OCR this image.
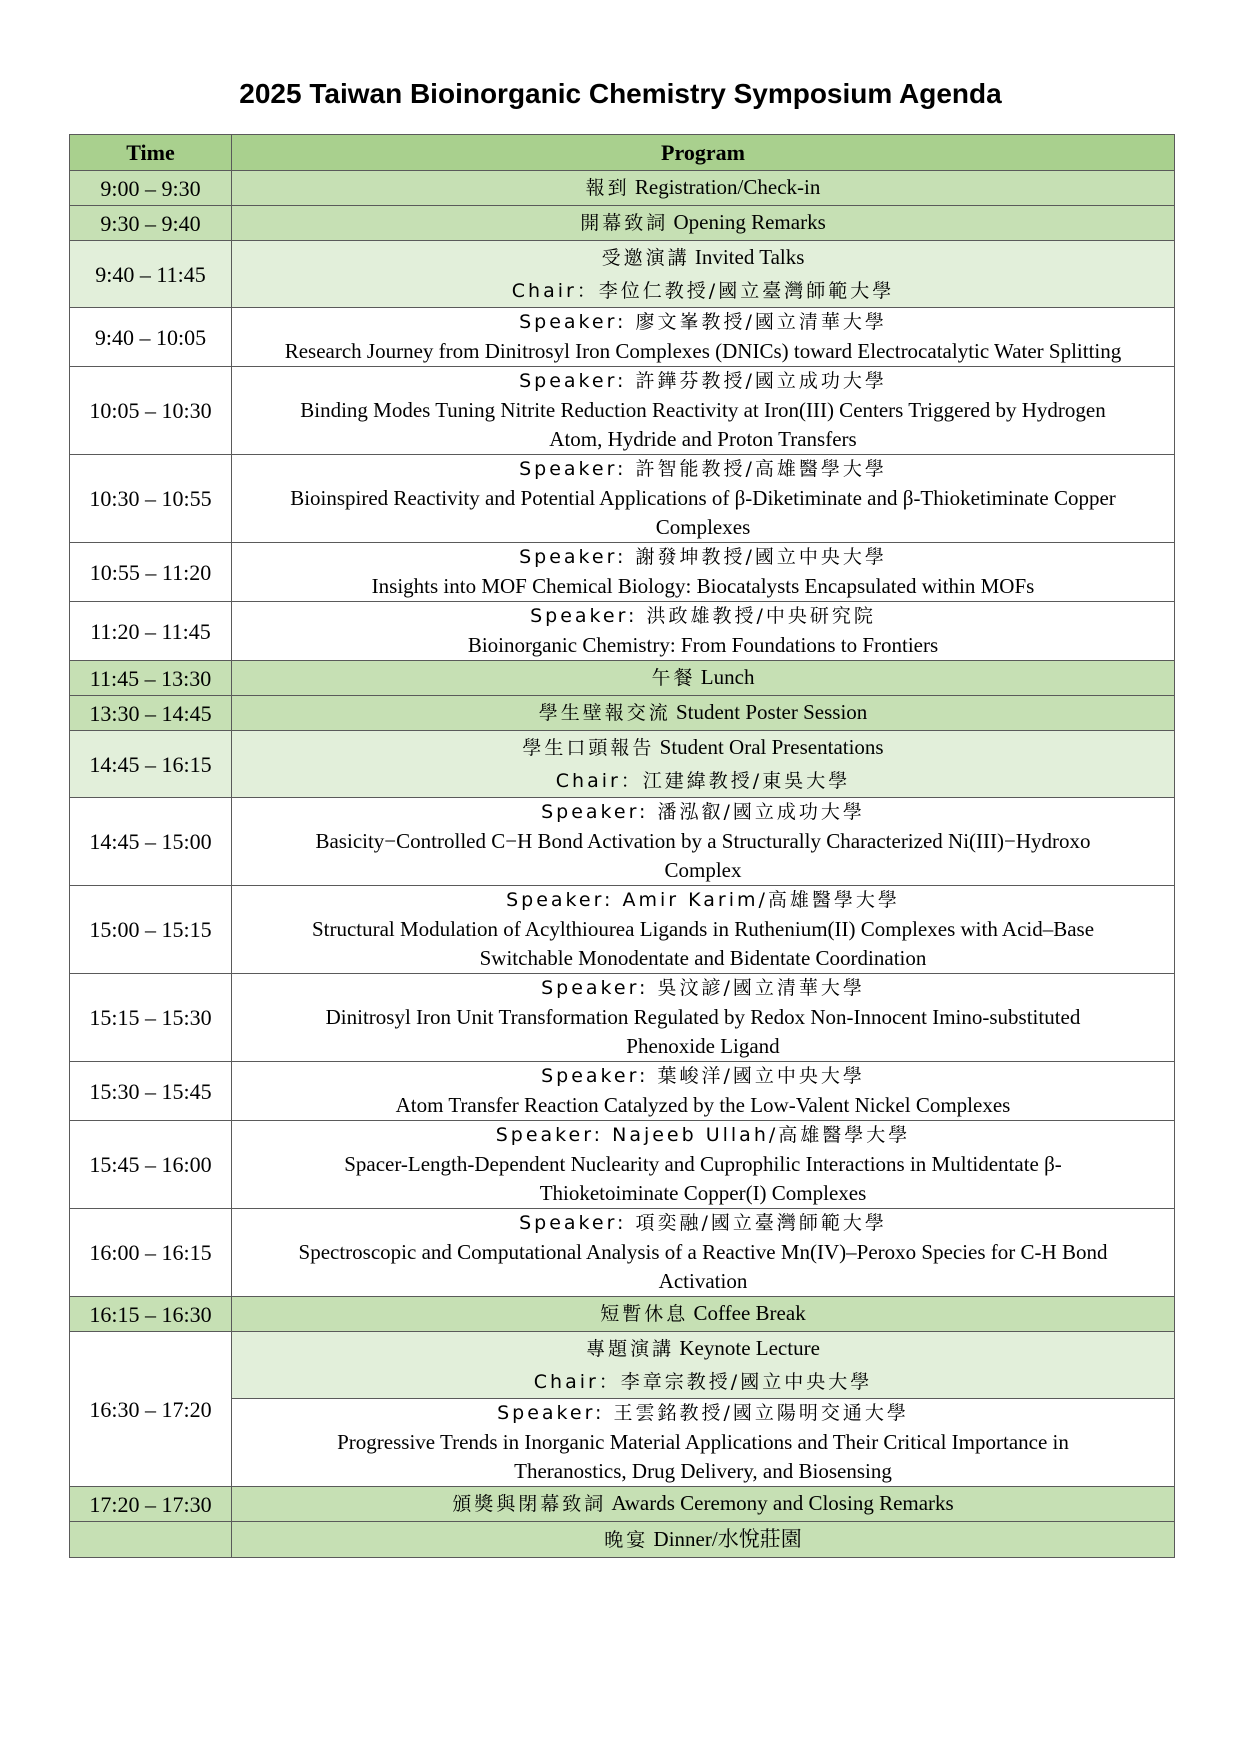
2025 Taiwan Bioinorganic Chemistry Symposium Agenda
Time	Program
9:00 – 9:30	報到 Registration/Check-in
9:30 – 9:40	開幕致詞 Opening Remarks
9:40 – 11:45	受邀演講 Invited Talks
Chair：李位仁教授/國立臺灣師範大學

9:40 – 10:05	Speaker: 廖文峯教授/國立清華大學
Research Journey from Dinitrosyl Iron Complexes (DNICs) toward Electrocatalytic Water Splitting

10:05 – 10:30	Speaker: 許鏵芬教授/國立成功大學
Binding Modes Tuning Nitrite Reduction Reactivity at Iron(III) Centers Triggered by Hydrogen
Atom, Hydride and Proton Transfers

10:30 – 10:55	Speaker: 許智能教授/高雄醫學大學
Bioinspired Reactivity and Potential Applications of β-Diketiminate and β-Thioketiminate Copper
Complexes

10:55 – 11:20	Speaker: 謝發坤教授/國立中央大學
Insights into MOF Chemical Biology: Biocatalysts Encapsulated within MOFs

11:20 – 11:45	Speaker: 洪政雄教授/中央研究院
Bioinorganic Chemistry: From Foundations to Frontiers

11:45 – 13:30	午餐 Lunch
13:30 – 14:45	學生壁報交流 Student Poster Session
14:45 – 16:15	學生口頭報告 Student Oral Presentations
Chair：江建緯教授/東吳大學

14:45 – 15:00	Speaker: 潘泓叡/國立成功大學
Basicity−Controlled C−H Bond Activation by a Structurally Characterized Ni(III)−Hydroxo
Complex

15:00 – 15:15	Speaker: Amir Karim/高雄醫學大學
Structural Modulation of Acylthiourea Ligands in Ruthenium(II) Complexes with Acid–Base
Switchable Monodentate and Bidentate Coordination

15:15 – 15:30	Speaker: 吳汶諺/國立清華大學
Dinitrosyl Iron Unit Transformation Regulated by Redox Non-Innocent Imino-substituted
Phenoxide Ligand

15:30 – 15:45	Speaker: 葉峻洋/國立中央大學
Atom Transfer Reaction Catalyzed by the Low-Valent Nickel Complexes

15:45 – 16:00	Speaker: Najeeb Ullah/高雄醫學大學
Spacer-Length-Dependent Nuclearity and Cuprophilic Interactions in Multidentate β-
Thioketoiminate Copper(I) Complexes

16:00 – 16:15	Speaker: 項奕融/國立臺灣師範大學
Spectroscopic and Computational Analysis of a Reactive Mn(IV)–Peroxo Species for C-H Bond
Activation

16:15 – 16:30	短暫休息 Coffee Break
16:30 – 17:20	專題演講 Keynote Lecture
Chair：李章宗教授/國立中央大學

	Speaker: 王雲銘教授/國立陽明交通大學
Progressive Trends in Inorganic Material Applications and Their Critical Importance in
Theranostics, Drug Delivery, and Biosensing

17:20 – 17:30	頒獎與閉幕致詞 Awards Ceremony and Closing Remarks
	晚宴 Dinner/水悅莊園
